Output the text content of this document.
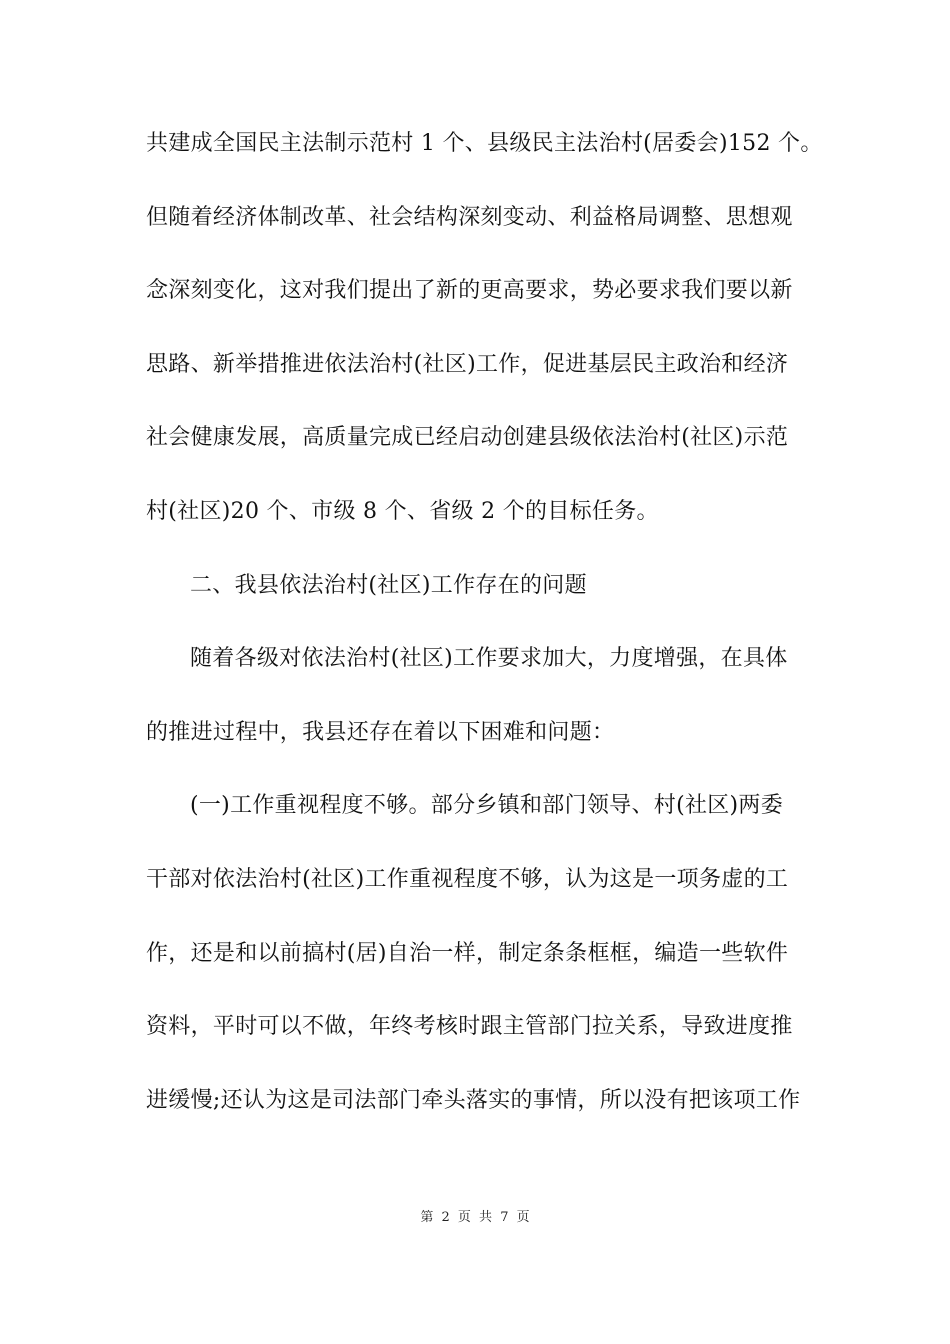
共建成全国民主法制示范村 1 个、县级民主法治村(居委会)152 个。
但随着经济体制改革、社会结构深刻变动、利益格局调整、思想观
念深刻变化，这对我们提出了新的更高要求，势必要求我们要以新
思路、新举措推进依法治村(社区)工作，促进基层民主政治和经济
社会健康发展，高质量完成已经启动创建县级依法治村(社区)示范
村(社区)20 个、市级 8 个、省级 2 个的目标任务。
二、我县依法治村(社区)工作存在的问题
随着各级对依法治村(社区)工作要求加大，力度增强，在具体
的推进过程中，我县还存在着以下困难和问题：
(一)工作重视程度不够。部分乡镇和部门领导、村(社区)两委
干部对依法治村(社区)工作重视程度不够，认为这是一项务虚的工
作，还是和以前搞村(居)自治一样，制定条条框框，编造一些软件
资料，平时可以不做，年终考核时跟主管部门拉关系，导致进度推
进缓慢;还认为这是司法部门牵头落实的事情，所以没有把该项工作
第 2 页 共 7 页
